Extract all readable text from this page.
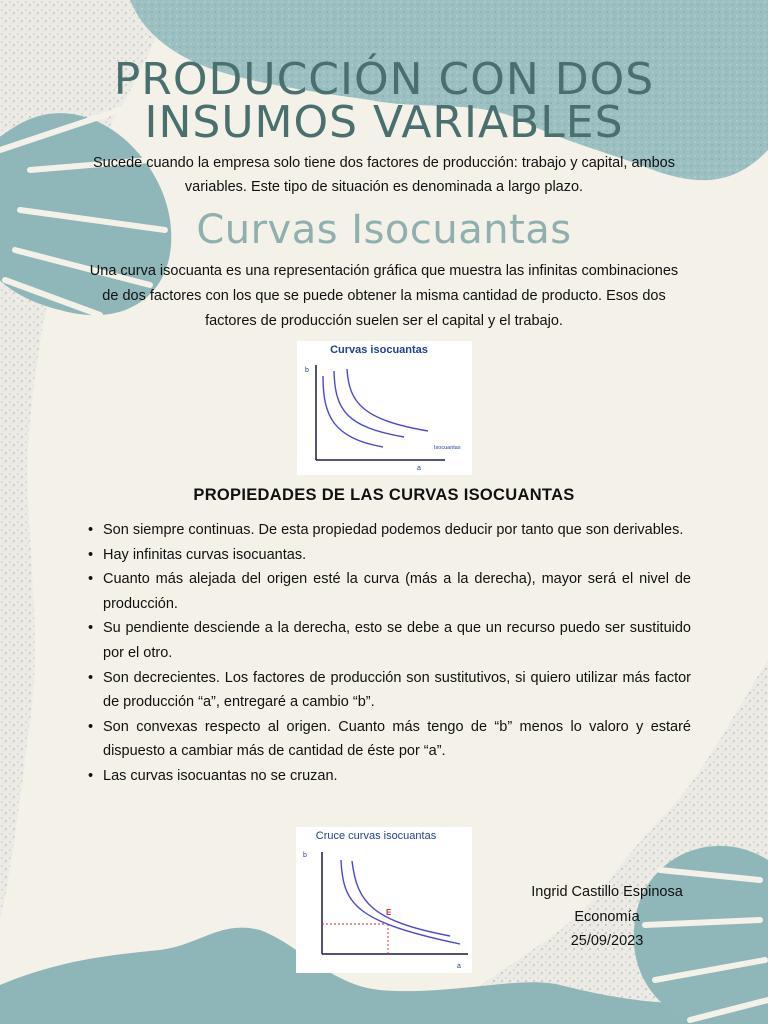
PRODUCCIÓN CON DOS
INSUMOS VARIABLES

Sucede cuando la empresa solo tiene dos factores de producción: trabajo y capital, ambos variables. Este tipo de situación es denominada a largo plazo.

Curvas Isocuantas

Una curva isocuanta es una representación gráfica que muestra las infinitas combinaciones de dos factores con los que se puede obtener la misma cantidad de producto. Esos dos factores de producción suelen ser el capital y el trabajo.

Curvas isocuantas
b
a
Isocuantas
PROPIEDADES DE LAS CURVAS ISOCUANTAS
• Son siempre continuas. De esta propiedad podemos deducir por tanto que son derivables.
• Hay infinitas curvas isocuantas.
• Cuanto más alejada del origen esté la curva (más a la derecha), mayor será el nivel de producción.
• Su pendiente desciende a la derecha, esto se debe a que un recurso puedo ser sustituido por el otro.
• Son decrecientes. Los factores de producción son sustitutivos, si quiero utilizar más factor de producción “a”, entregaré a cambio “b”.
• Son convexas respecto al origen. Cuanto más tengo de “b” menos lo valoro y estaré dispuesto a cambiar más de cantidad de éste por “a”.
• Las curvas isocuantas no se cruzan.
Cruce curvas isocuantas
b
a
E
Ingrid Castillo Espinosa
Economía
25/09/2023
